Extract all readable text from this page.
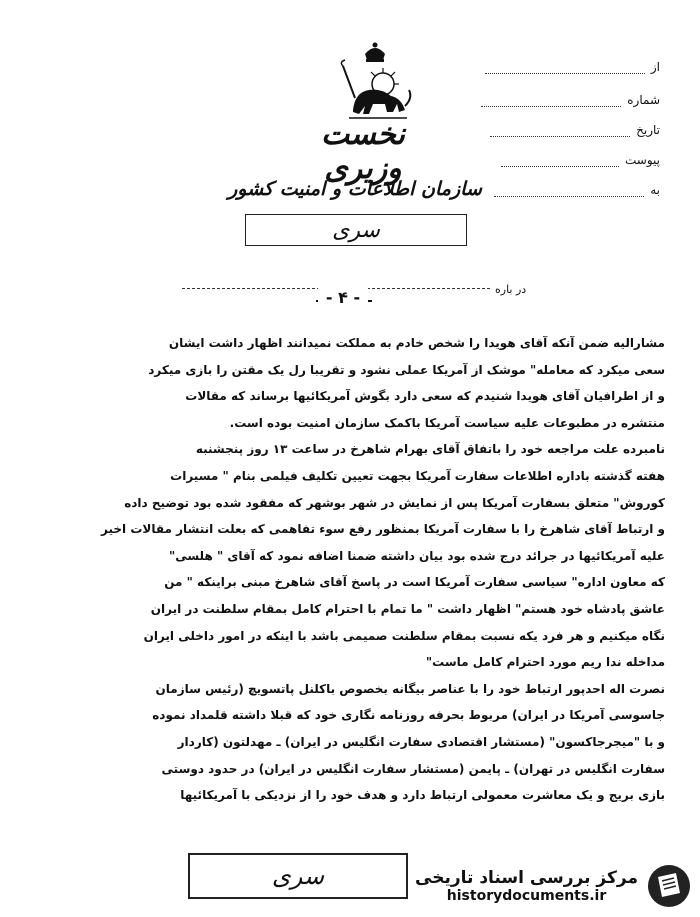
نخست وزیری
سازمان اطلاعات و امنیت کشور
سری
از
شماره
تاریخ
پیوست
به
در باره
- ۴ -
مشارالیه ضمن آنکه آقای هویدا را شخص خادم به مملکت نمیدانند اظهار داشت ایشان
سعی میکرد که معامله" موشک از آمریکا عملی نشود و تقریبا رل یک مقتن را بازی میکرد
و از اطرافیان آقای هویدا شنیدم که سعی دارد بگوش آمریکائیها برساند که مقالات
منتشره در مطبوعات علیه سیاست آمریکا باکمک سازمان امنیت بوده است.
نامبرده علت مراجعه خود را باتفاق آقای بهرام شاهرخ در ساعت ۱۳ روز پنجشنبه
هفته گذشته باداره اطلاعات سفارت آمریکا بجهت تعیین تکلیف فیلمی بنام " مسیرات
کوروش" متعلق بسفارت آمریکا پس از نمایش در شهر بوشهر که مفقود شده بود توضیح داده
و ارتباط آقای شاهرخ را با سفارت آمریکا بمنظور رفع سوء تفاهمی که بعلت انتشار مقالات اخیر
علیه آمریکائیها در جرائد درج شده بود بیان داشته ضمنا اضافه نمود که آقای " هلسی"
که معاون اداره" سیاسی سفارت آمریکا است در پاسخ آقای شاهرخ مبنی براینکه " من
عاشق پادشاه خود هستم" اظهار داشت " ما تمام با احترام کامل بمقام سلطنت در ایران
نگاه میکنیم و هر فرد یکه نسبت بمقام سلطنت صمیمی باشد با اینکه در امور داخلی ایران
مداخله ندا ریم مورد احترام کامل ماست"
نصرت اله احدپور ارتباط خود را با عناصر بیگانه بخصوص باکلنل پاتسویچ (رئیس سازمان
جاسوسی آمریکا در ایران) مربوط بحرفه روزنامه نگاری خود که قبلا داشته قلمداد نموده
و با "میجرجاکسون" (مستشار اقتصادی سفارت انگلیس در ایران) ـ مهدلتون (کاردار
سفارت انگلیس در تهران) ـ پایمن (مستشار سفارت انگلیس در ایران) در حدود دوستی
بازی بریج و یک معاشرت معمولی ارتباط دارد و هدف خود را از نزدیکی با آمریکائیها
سری	مرکز بررسی اسناد تاریخی
historydocuments.ir
